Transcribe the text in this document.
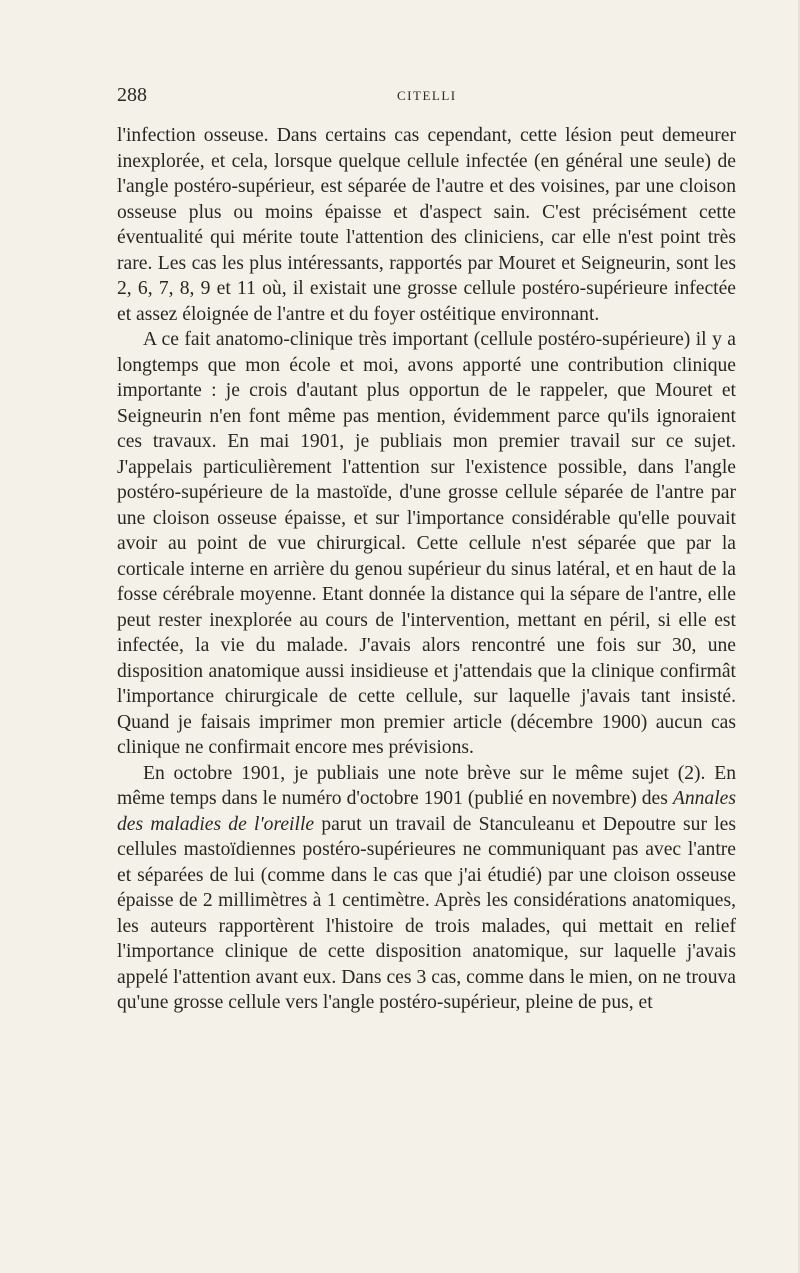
288	CITELLI

l'infection osseuse. Dans certains cas cependant, cette lésion peut demeurer inexplorée, et cela, lorsque quelque cellule infectée (en général une seule) de l'angle postéro-supérieur, est séparée de l'autre et des voisines, par une cloison osseuse plus ou moins épaisse et d'aspect sain. C'est précisément cette éventualité qui mérite toute l'attention des cliniciens, car elle n'est point très rare. Les cas les plus intéressants, rapportés par Mouret et Seigneurin, sont les 2, 6, 7, 8, 9 et 11 où, il existait une grosse cellule postéro-supérieure infectée et assez éloignée de l'antre et du foyer ostéitique environnant.

A ce fait anatomo-clinique très important (cellule postéro-supérieure) il y a longtemps que mon école et moi, avons apporté une contribution clinique importante : je crois d'autant plus opportun de le rappeler, que Mouret et Seigneurin n'en font même pas mention, évidemment parce qu'ils ignoraient ces travaux. En mai 1901, je publiais mon premier travail sur ce sujet. J'appelais particulièrement l'attention sur l'existence possible, dans l'angle postéro-supérieure de la mastoïde, d'une grosse cellule séparée de l'antre par une cloison osseuse épaisse, et sur l'importance considérable qu'elle pouvait avoir au point de vue chirurgical. Cette cellule n'est séparée que par la corticale interne en arrière du genou supérieur du sinus latéral, et en haut de la fosse cérébrale moyenne. Etant donnée la distance qui la sépare de l'antre, elle peut rester inexplorée au cours de l'intervention, mettant en péril, si elle est infectée, la vie du malade. J'avais alors rencontré une fois sur 30, une disposition anatomique aussi insidieuse et j'attendais que la clinique confirmât l'importance chirurgicale de cette cellule, sur laquelle j'avais tant insisté. Quand je faisais imprimer mon premier article (décembre 1900) aucun cas clinique ne confirmait encore mes prévisions.

En octobre 1901, je publiais une note brève sur le même sujet (2). En même temps dans le numéro d'octobre 1901 (publié en novembre) des Annales des maladies de l'oreille parut un travail de Stanculeanu et Depoutre sur les cellules mastoïdiennes postéro-supérieures ne communiquant pas avec l'antre et séparées de lui (comme dans le cas que j'ai étudié) par une cloison osseuse épaisse de 2 millimètres à 1 centimètre. Après les considérations anatomiques, les auteurs rapportèrent l'histoire de trois malades, qui mettait en relief l'importance clinique de cette disposition anatomique, sur laquelle j'avais appelé l'attention avant eux. Dans ces 3 cas, comme dans le mien, on ne trouva qu'une grosse cellule vers l'angle postéro-supérieur, pleine de pus, et
